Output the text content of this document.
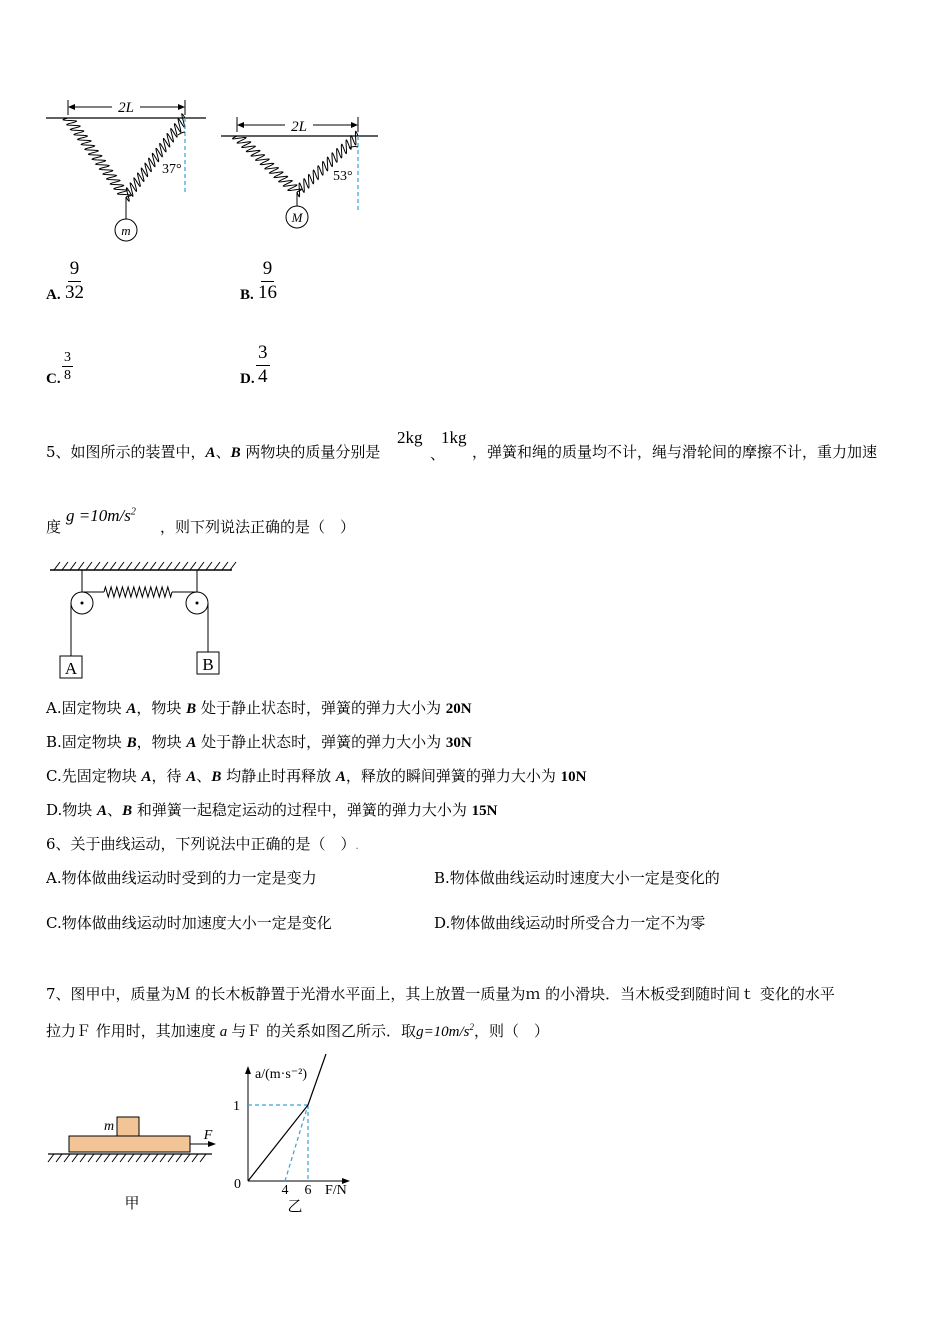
2L
37°
m
2L
53°
M
A. $\frac{9}{32}$	B. $\frac{9}{16}$
C. $\frac{3}{8}$	D. $\frac{3}{4}$
5、如图所示的装置中，A、B 两物块的质量分别是
2kg
、
1kg
，弹簧和绳的质量均不计，绳与滑轮间的摩擦不计，重力加速
度
$g =10m/s^2$
，则下列说法正确的是（　）
A	B
A.固定物块 A，物块 B 处于静止状态时，弹簧的弹力大小为 20N
B.固定物块 B，物块 A 处于静止状态时，弹簧的弹力大小为 30N
C.先固定物块 A，待 A、B 均静止时再释放 A，释放的瞬间弹簧的弹力大小为 10N
D.物块 A、B 和弹簧一起稳定运动的过程中，弹簧的弹力大小为 15N
6、关于曲线运动，下列说法中正确的是（　）.
A.物体做曲线运动时受到的力一定是变力	B.物体做曲线运动时速度大小一定是变化的
C.物体做曲线运动时加速度大小一定是变化	D.物体做曲线运动时所受合力一定不为零
7、图甲中，质量为Ｍ 的长木板静置于光滑水平面上，其上放置一质量为ｍ 的小滑块．当木板受到随时间ｔ 变化的水平
拉力Ｆ 作用时，其加速度 a 与Ｆ 的关系如图乙所示．取$g=10m/s^2$，则（　）
m
F
甲
a/(m·s⁻²)
1
0	4 6 F/N
乙
